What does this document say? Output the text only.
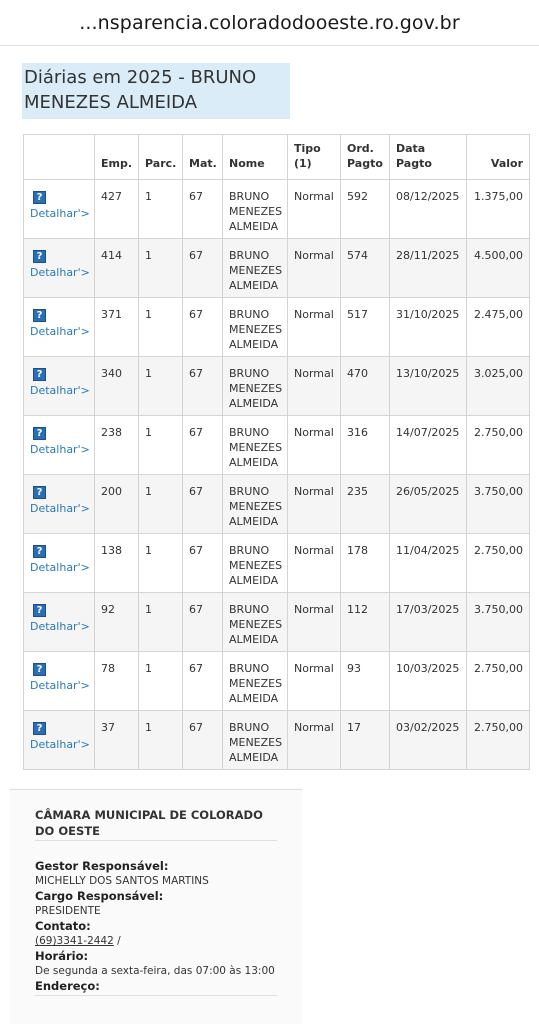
...nsparencia.coloradodooeste.ro.gov.br
Diárias em 2025 - BRUNO MENEZES ALMEIDA
	Emp.	Parc.	Mat.	Nome	Tipo (1)	Ord. Pagto	Data Pagto	Valor
?
Detalhar'>	427	1	67	BRUNO MENEZES ALMEIDA	Normal	592	08/12/2025	1.375,00
?
Detalhar'>	414	1	67	BRUNO MENEZES ALMEIDA	Normal	574	28/11/2025	4.500,00
?
Detalhar'>	371	1	67	BRUNO MENEZES ALMEIDA	Normal	517	31/10/2025	2.475,00
?
Detalhar'>	340	1	67	BRUNO MENEZES ALMEIDA	Normal	470	13/10/2025	3.025,00
?
Detalhar'>	238	1	67	BRUNO MENEZES ALMEIDA	Normal	316	14/07/2025	2.750,00
?
Detalhar'>	200	1	67	BRUNO MENEZES ALMEIDA	Normal	235	26/05/2025	3.750,00
?
Detalhar'>	138	1	67	BRUNO MENEZES ALMEIDA	Normal	178	11/04/2025	2.750,00
?
Detalhar'>	92	1	67	BRUNO MENEZES ALMEIDA	Normal	112	17/03/2025	3.750,00
?
Detalhar'>	78	1	67	BRUNO MENEZES ALMEIDA	Normal	93	10/03/2025	2.750,00
?
Detalhar'>	37	1	67	BRUNO MENEZES ALMEIDA	Normal	17	03/02/2025	2.750,00
CÂMARA MUNICIPAL DE COLORADO DO OESTE
Gestor Responsável:
MICHELLY DOS SANTOS MARTINS
Cargo Responsável:
PRESIDENTE
Contato:
(69)3341-2442 /
Horário:
De segunda a sexta-feira, das 07:00 às 13:00
Endereço:
